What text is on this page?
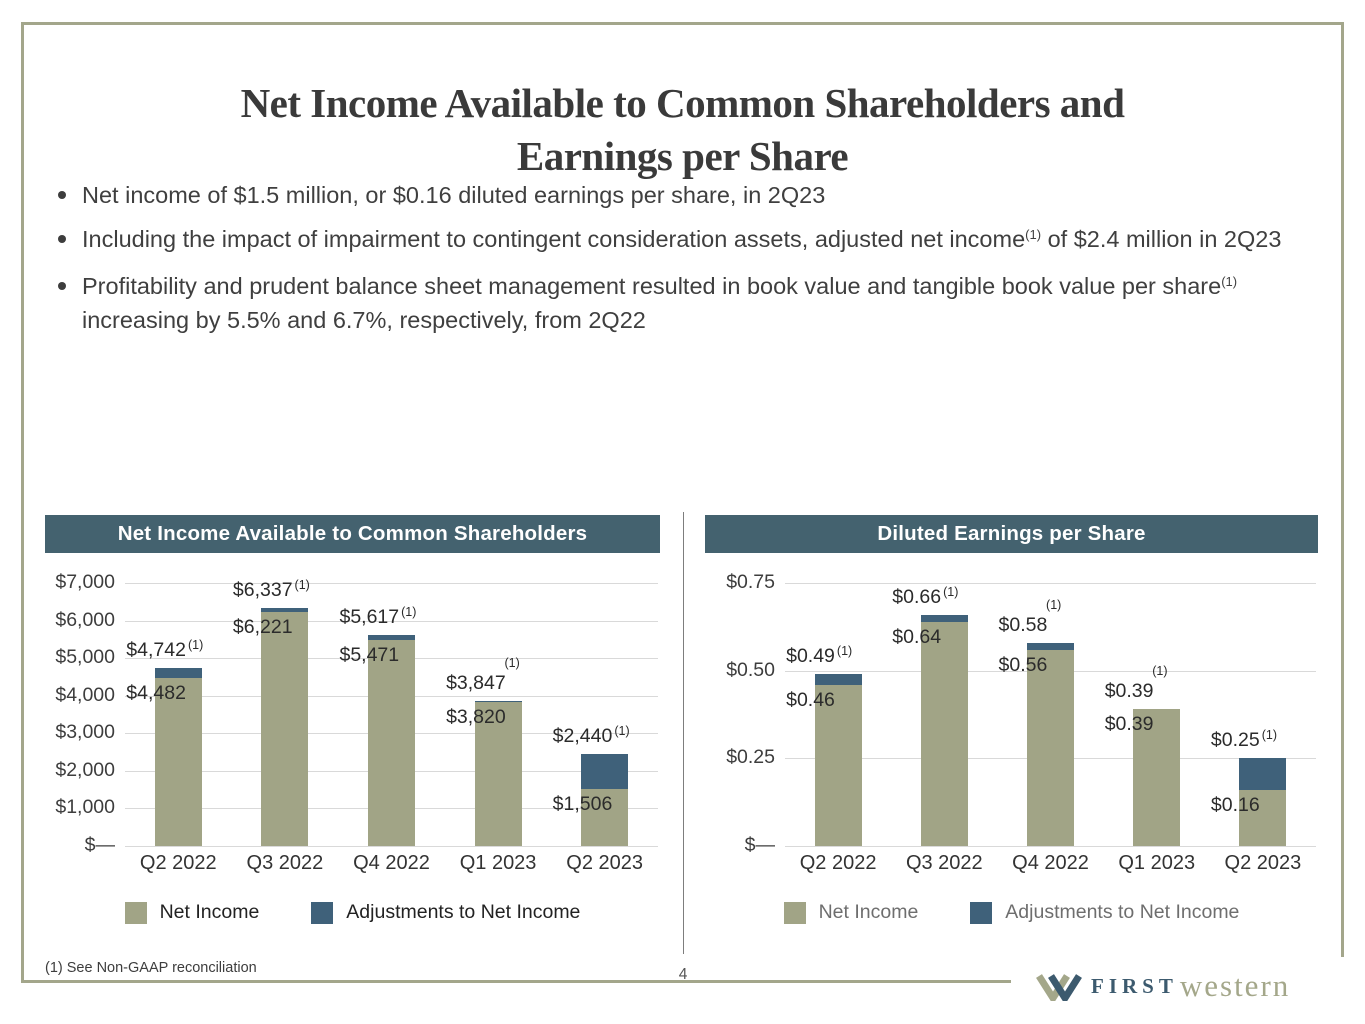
Net Income Available to Common Shareholders and
Earnings per Share
Net income of $1.5 million, or $0.16 diluted earnings per share, in 2Q23
Including the impact of impairment to contingent consideration assets, adjusted net income$^{(1)}$ of $2.4 million in 2Q23
Profitability and prudent balance sheet management resulted in book value and tangible book value per share$^{(1)}$ increasing by 5.5% and 6.7%, respectively, from 2Q22
Net Income Available to Common Shareholders
$7,000
$6,000
$5,000
$4,000
$3,000
$2,000
$1,000
$—
$4,742 $^{(1)}$
$4,482
$6,337 $^{(1)}$
$6,221 $5,617 $^{(1)}$
$5,471
$3,847
(1)
$3,820
$2,440 $^{(1)}$
$1,506
Q2 2022	Q3 2022	Q4 2022	Q1 2023	Q2 2023
Net Income	Adjustments to Net Income
Diluted Earnings per Share
$0.75
$0.50
$0.25
$—
$0.49 $^{(1)}$
$0.46
$0.66 $^{(1)}$
$0.64
$0.58
(1)
$0.56
$0.39
(1)
$0.39
$0.25 $^{(1)}$
$0.16
Q2 2022	Q3 2022	Q4 2022	Q1 2023	Q2 2023
Net Income	Adjustments to Net Income
(1) See Non-GAAP reconciliation	4	FIRST western
